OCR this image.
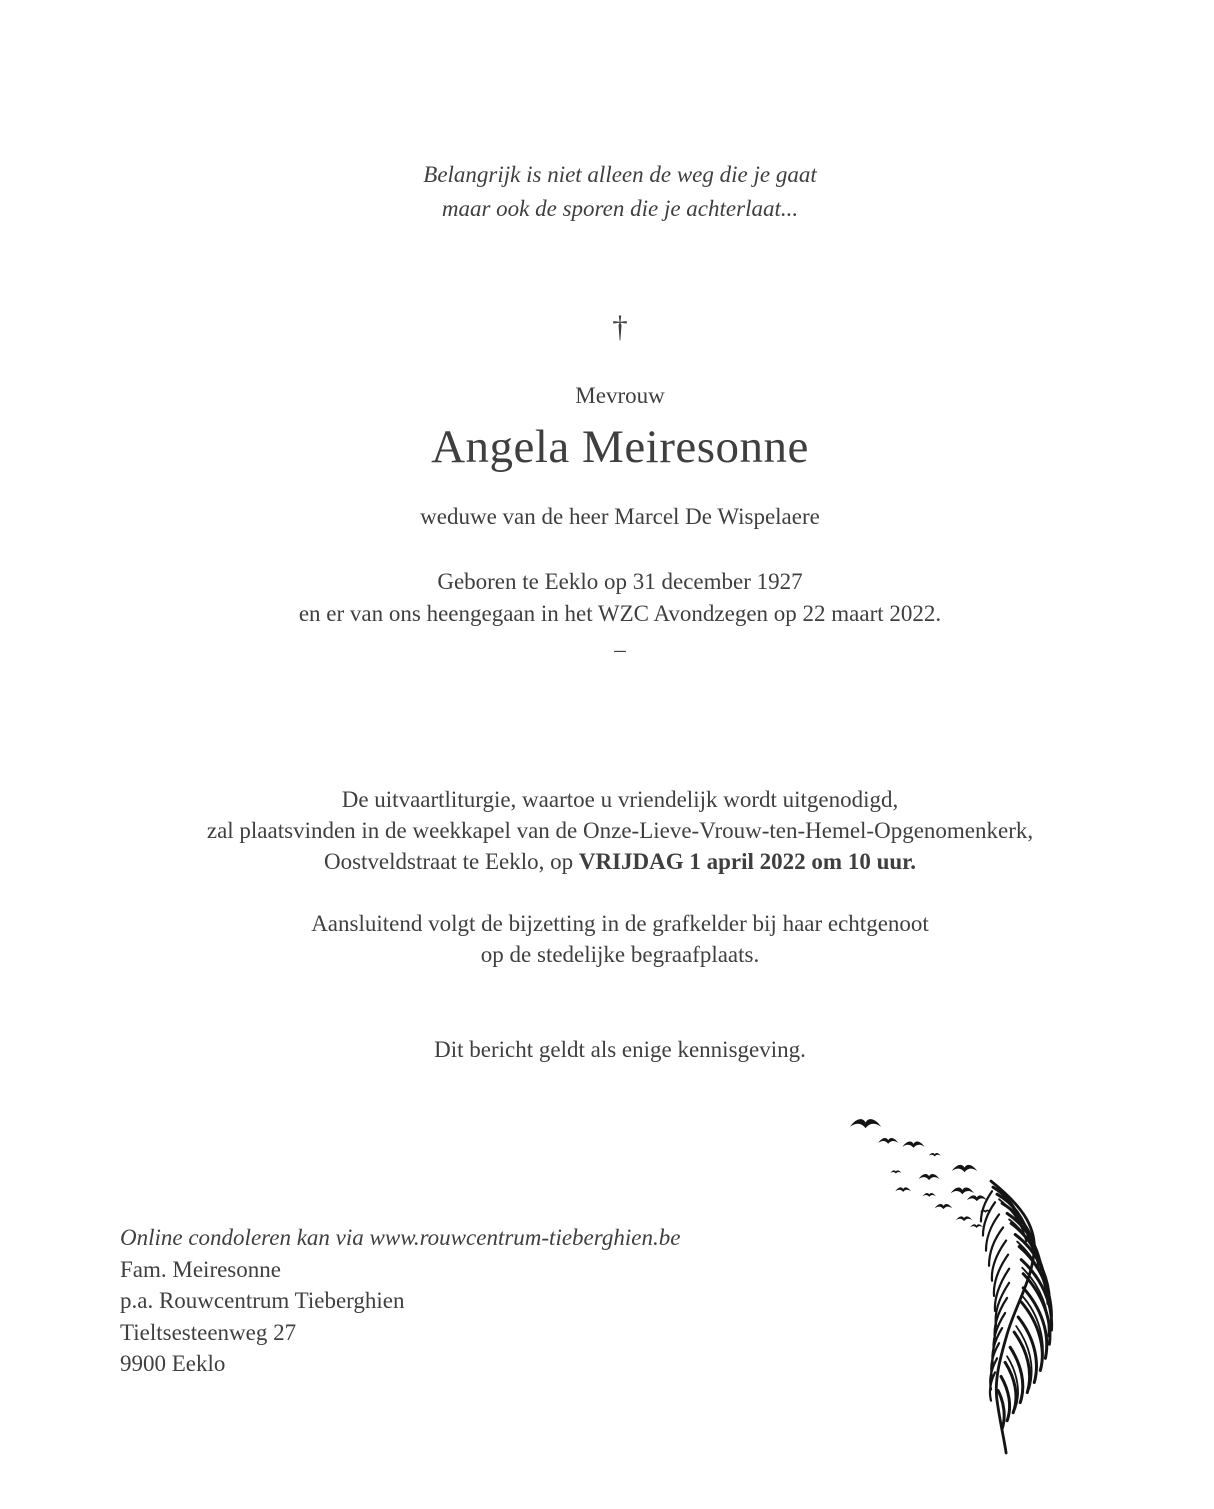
Belangrijk is niet alleen de weg die je gaat
maar ook de sporen die je achterlaat...
†
Mevrouw
Angela Meiresonne
weduwe van de heer Marcel De Wispelaere
Geboren te Eeklo op 31 december 1927
en er van ons heengegaan in het WZC Avondzegen op 22 maart 2022.
–
De uitvaartliturgie, waartoe u vriendelijk wordt uitgenodigd,
zal plaatsvinden in de weekkapel van de Onze-Lieve-Vrouw-ten-Hemel-Opgenomenkerk,
Oostveldstraat te Eeklo, op VRIJDAG 1 april 2022 om 10 uur.
Aansluitend volgt de bijzetting in de grafkelder bij haar echtgenoot
op de stedelijke begraafplaats.
Dit bericht geldt als enige kennisgeving.
Online condoleren kan via www.rouwcentrum-tieberghien.be
Fam. Meiresonne
p.a. Rouwcentrum Tieberghien
Tieltsesteenweg 27
9900 Eeklo
